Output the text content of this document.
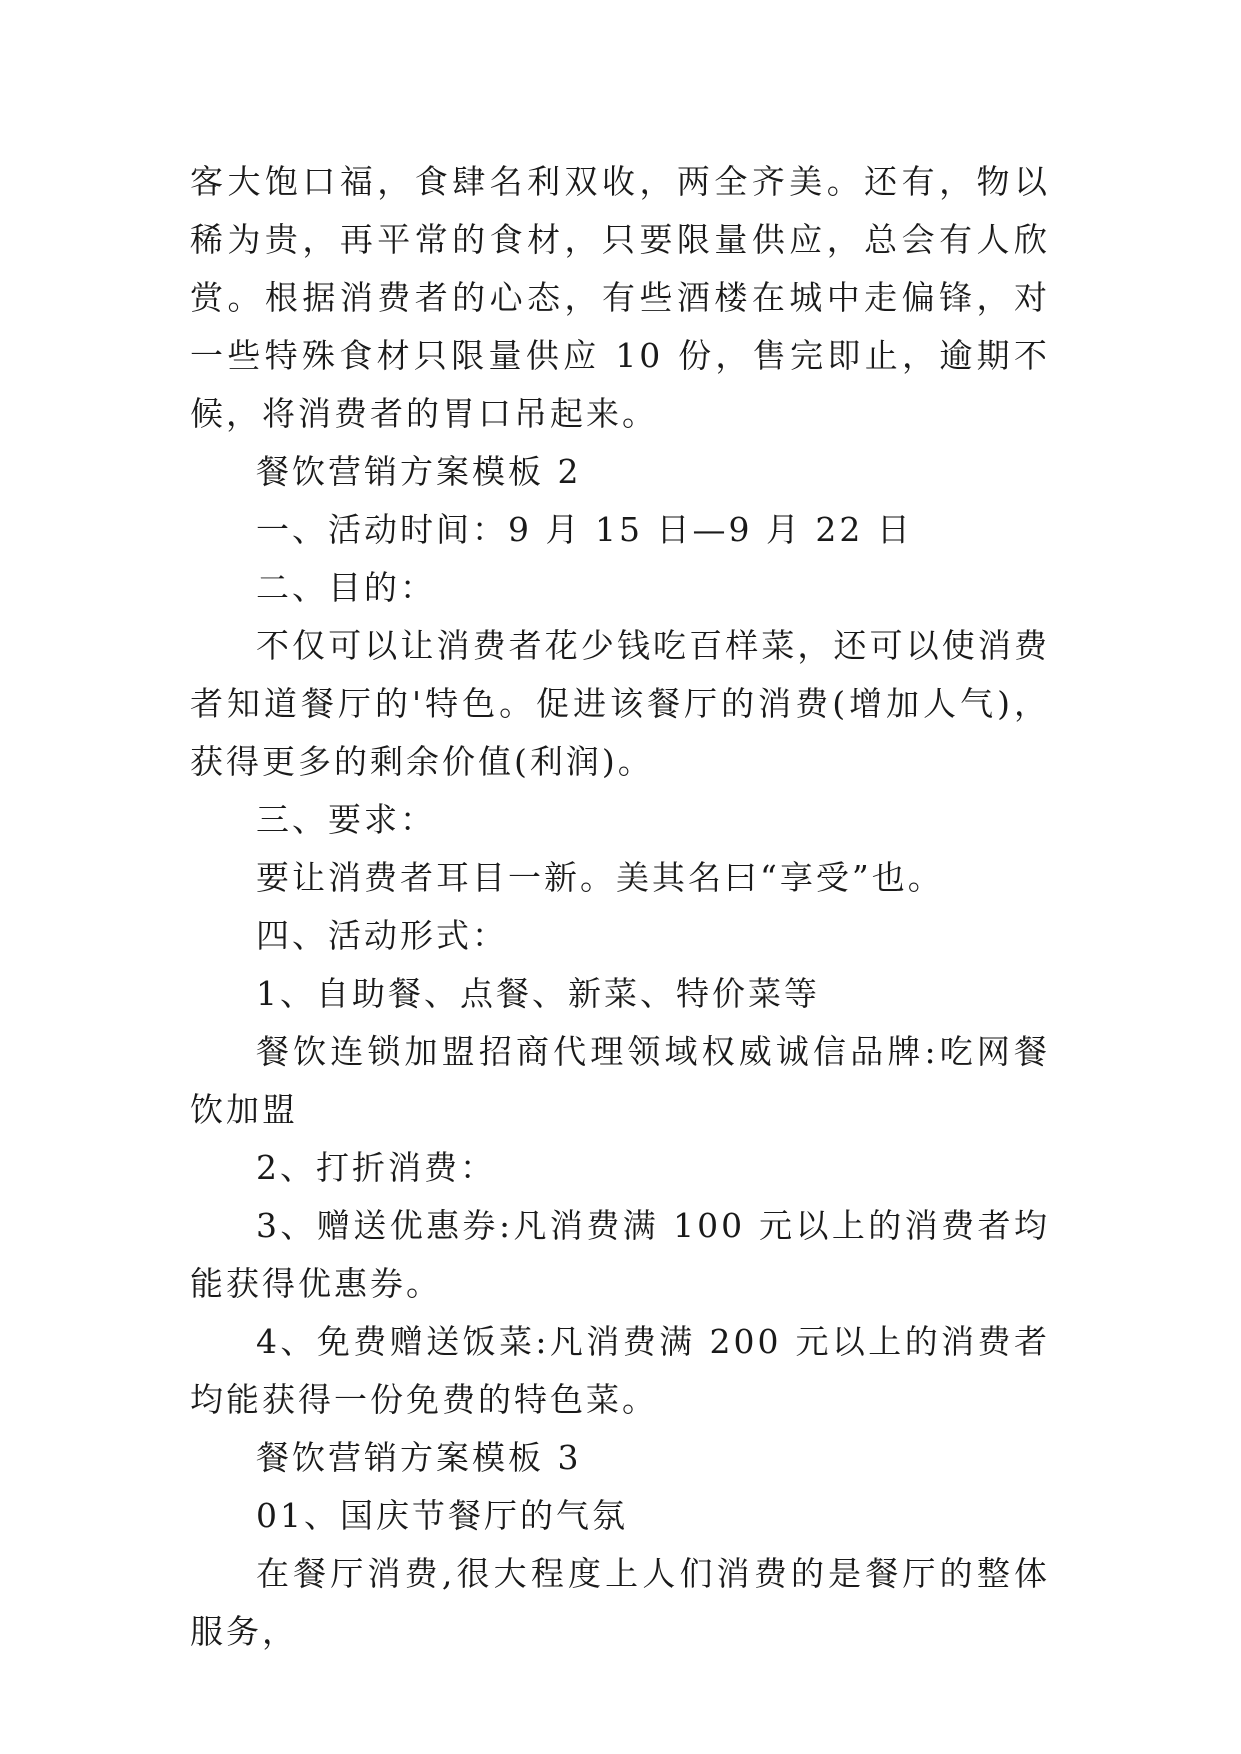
客大饱口福，食肆名利双收，两全齐美。还有，物以稀为贵，再平常的食材，只要限量供应，总会有人欣赏。根据消费者的心态，有些酒楼在城中走偏锋，对一些特殊食材只限量供应 10 份，售完即止，逾期不候，将消费者的胃口吊起来。

餐饮营销方案模板 2

一、活动时间：9 月 15 日—9 月 22 日

二、目的：

不仅可以让消费者花少钱吃百样菜，还可以使消费者知道餐厅的'特色。促进该餐厅的消费(增加人气)，获得更多的剩余价值(利润)。

三、要求：

要让消费者耳目一新。美其名曰“享受”也。

四、活动形式：

1、自助餐、点餐、新菜、特价菜等

餐饮连锁加盟招商代理领域权威诚信品牌:吃网餐饮加盟

2、打折消费：

3、赠送优惠券:凡消费满 100 元以上的消费者均能获得优惠券。

4、免费赠送饭菜:凡消费满 200 元以上的消费者均能获得一份免费的特色菜。

餐饮营销方案模板 3

01、国庆节餐厅的气氛

在餐厅消费,很大程度上人们消费的是餐厅的整体服务，
